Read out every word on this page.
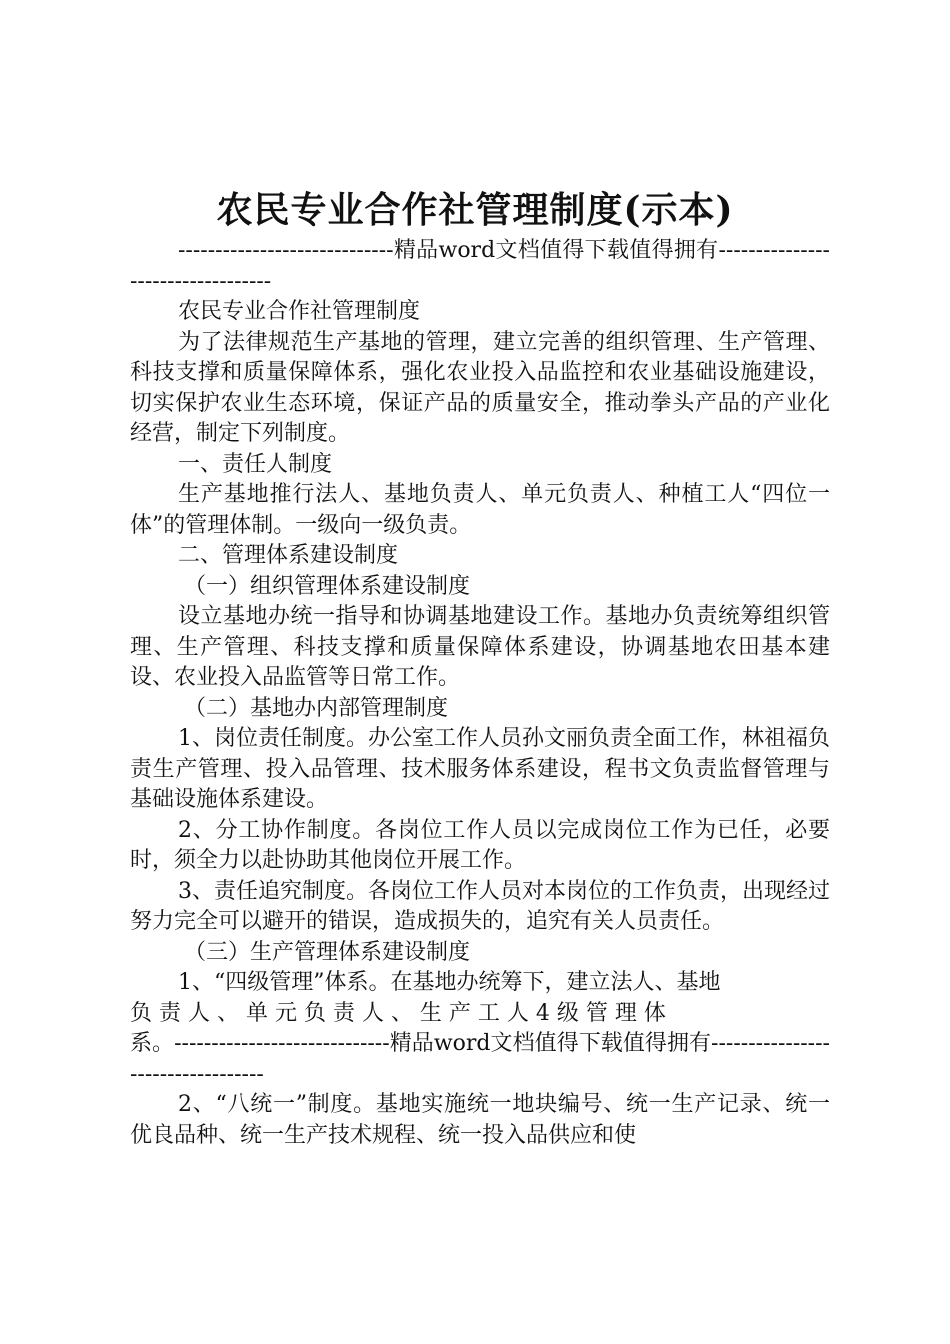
农民专业合作社管理制度(示本)

-----------------------------精品word文档值得下载值得拥有----------------------------------

农民专业合作社管理制度

为了法律规范生产基地的管理，建立完善的组织管理、生产管理、科技支撑和质量保障体系，强化农业投入品监控和农业基础设施建设，切实保护农业生态环境，保证产品的质量安全，推动拳头产品的产业化经营，制定下列制度。

一、责任人制度

生产基地推行法人、基地负责人、单元负责人、种植工人“四位一体”的管理体制。一级向一级负责。

二、管理体系建设制度

（一）组织管理体系建设制度

设立基地办统一指导和协调基地建设工作。基地办负责统筹组织管理、生产管理、科技支撑和质量保障体系建设，协调基地农田基本建设、农业投入品监管等日常工作。

（二）基地办内部管理制度

1、岗位责任制度。办公室工作人员孙文丽负责全面工作，林祖福负责生产管理、投入品管理、技术服务体系建设，程书文负责监督管理与基础设施体系建设。

2、分工协作制度。各岗位工作人员以完成岗位工作为已任，必要时，须全力以赴协助其他岗位开展工作。

3、责任追究制度。各岗位工作人员对本岗位的工作负责，出现经过努力完全可以避开的错误，造成损失的，追究有关人员责任。

（三）生产管理体系建设制度

1、“四级管理”体系。在基地办统筹下，建立法人、基地

负 责 人 、 单 元 负 责 人 、 生 产 工 人 4 级 管 理 体

系。-----------------------------精品word文档值得下载值得拥有----------------------------------

2、“八统一”制度。基地实施统一地块编号、统一生产记录、统一优良品种、统一生产技术规程、统一投入品供应和使
